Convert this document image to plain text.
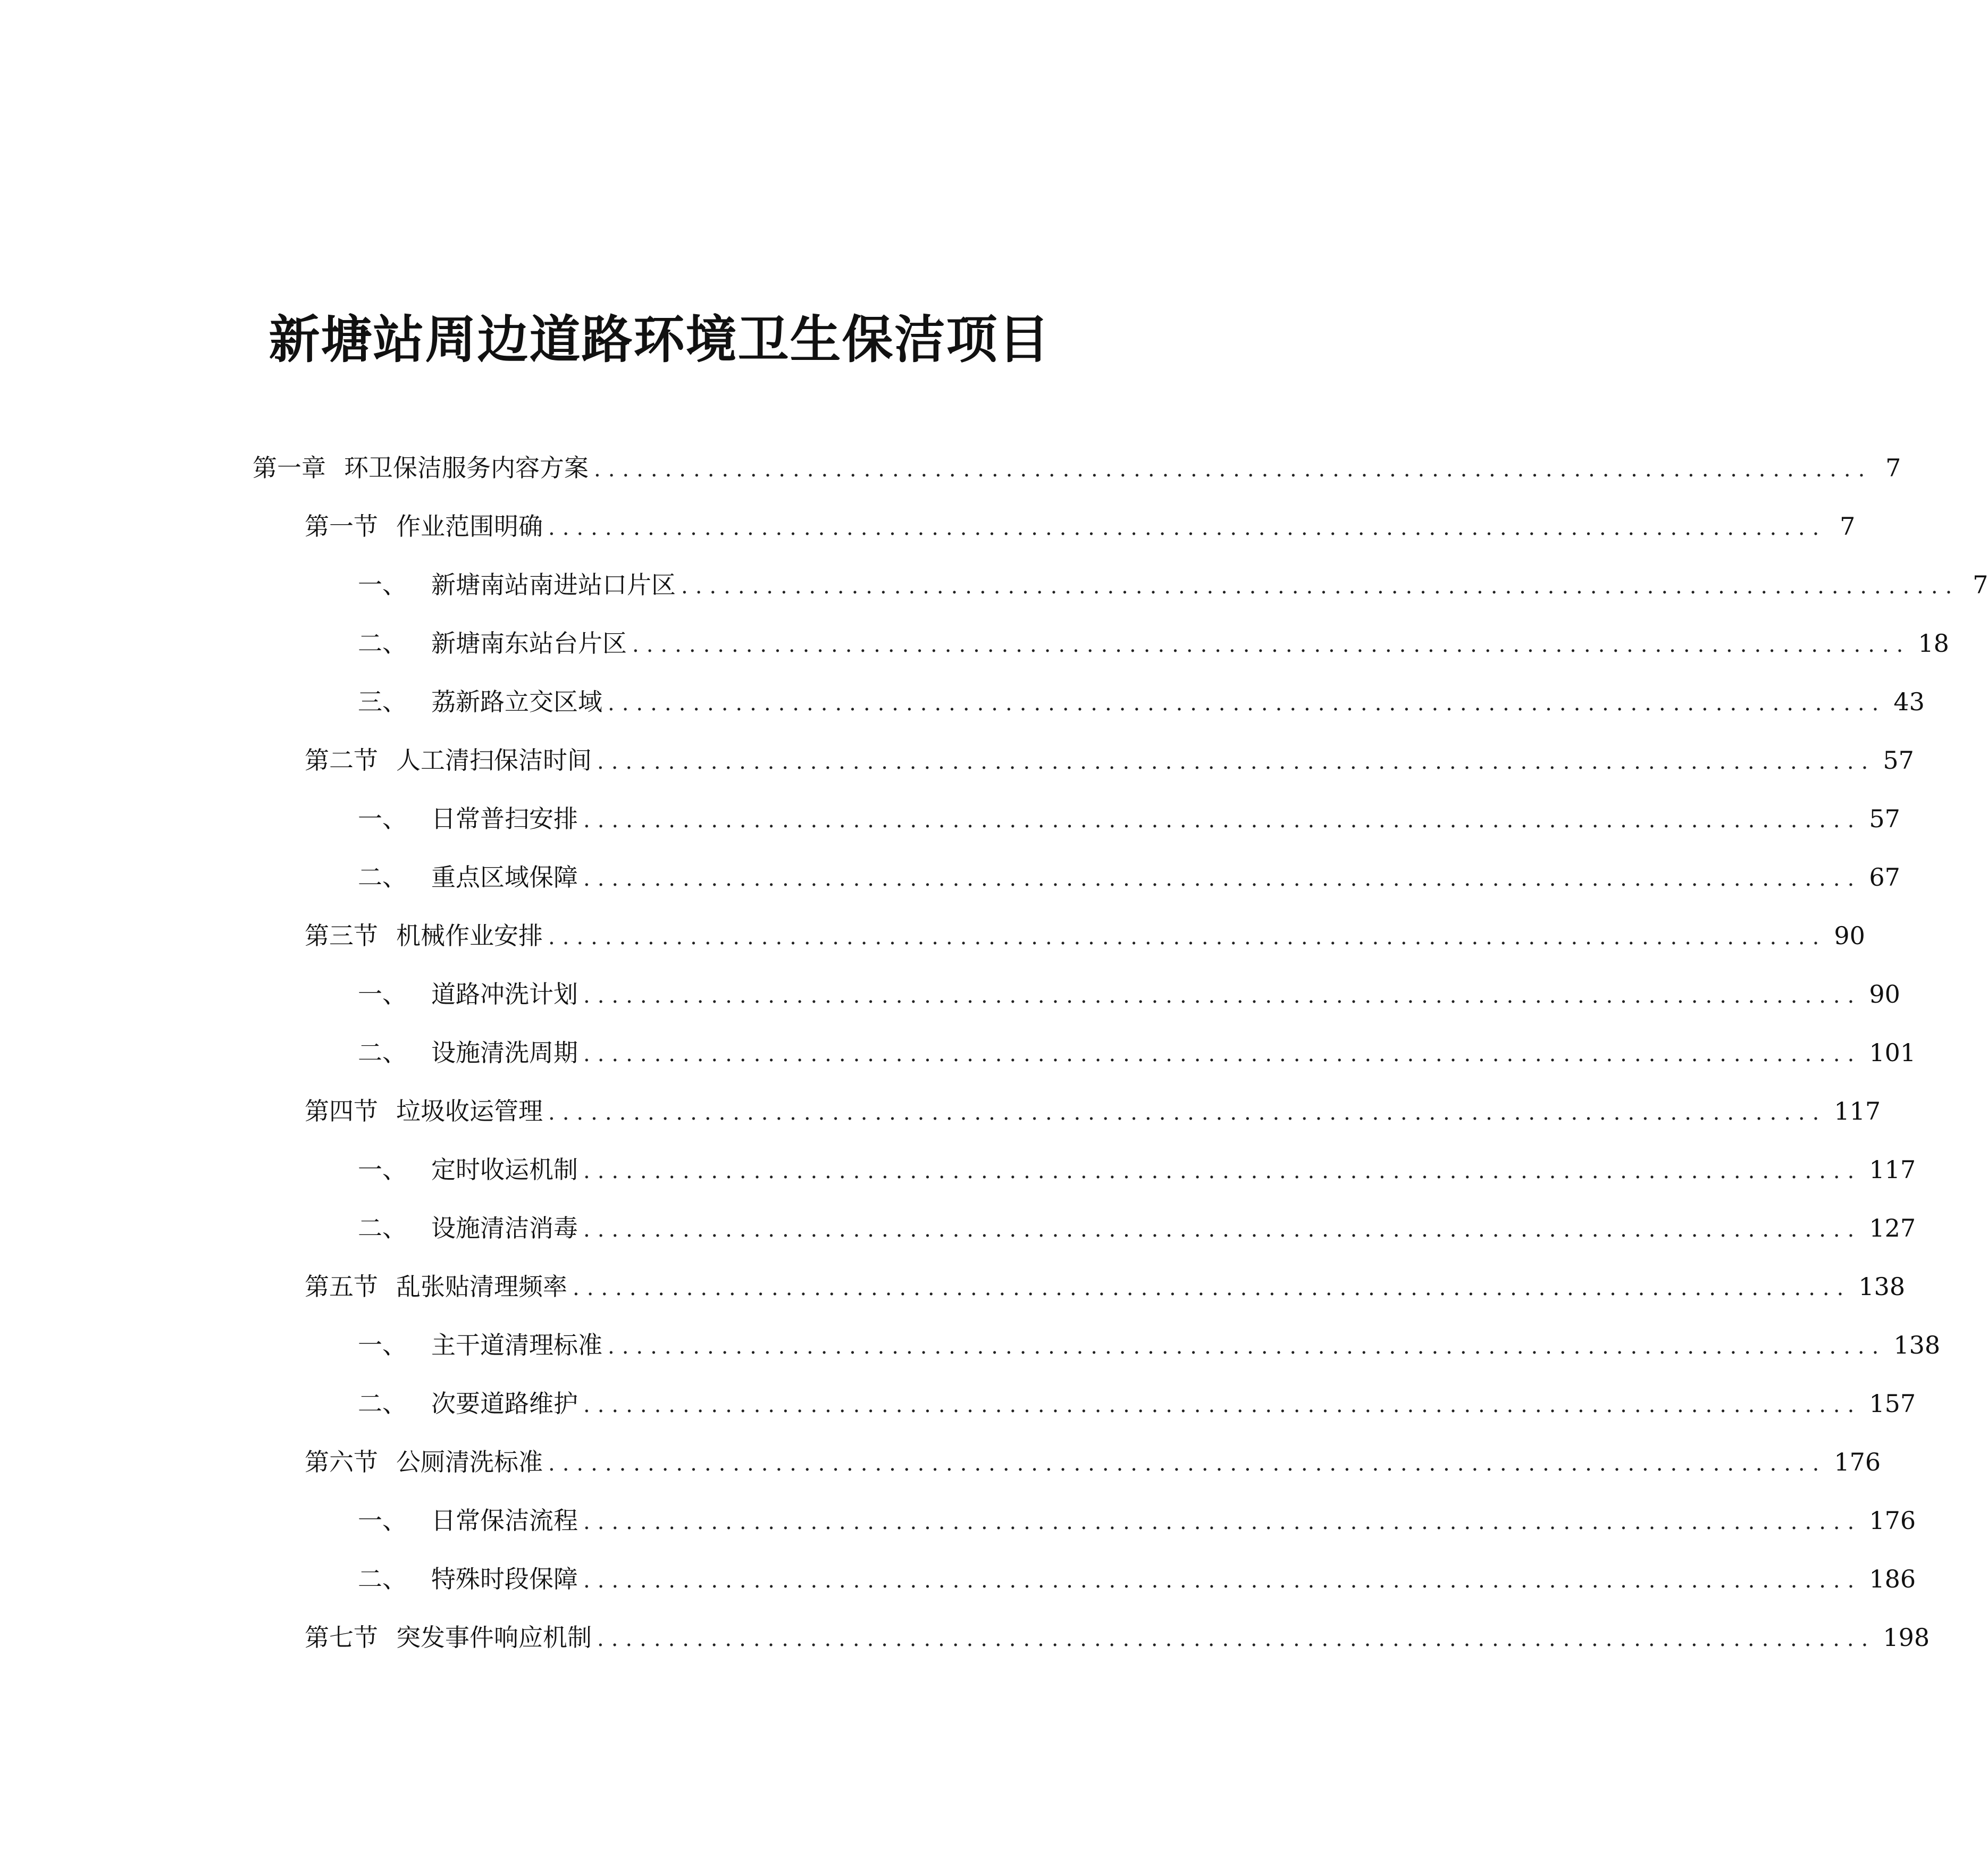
新塘站周边道路环境卫生保洁项目
第一章 环卫保洁服务内容方案 .......................................................................................... 7
第一节 作业范围明确 .......................................................................................... 7
一、 新塘南站南进站口片区 .......................................................................................... 7
二、 新塘南东站台片区 .......................................................................................... 18
三、 荔新路立交区域 .......................................................................................... 43
第二节 人工清扫保洁时间 .......................................................................................... 57
一、 日常普扫安排 .......................................................................................... 57
二、 重点区域保障 .......................................................................................... 67
第三节 机械作业安排 .......................................................................................... 90
一、 道路冲洗计划 .......................................................................................... 90
二、 设施清洗周期 .......................................................................................... 101
第四节 垃圾收运管理 .......................................................................................... 117
一、 定时收运机制 .......................................................................................... 117
二、 设施清洁消毒 .......................................................................................... 127
第五节 乱张贴清理频率 .......................................................................................... 138
一、 主干道清理标准 .......................................................................................... 138
二、 次要道路维护 .......................................................................................... 157
第六节 公厕清洗标准 .......................................................................................... 176
一、 日常保洁流程 .......................................................................................... 176
二、 特殊时段保障 .......................................................................................... 186
第七节 突发事件响应机制 .......................................................................................... 198
